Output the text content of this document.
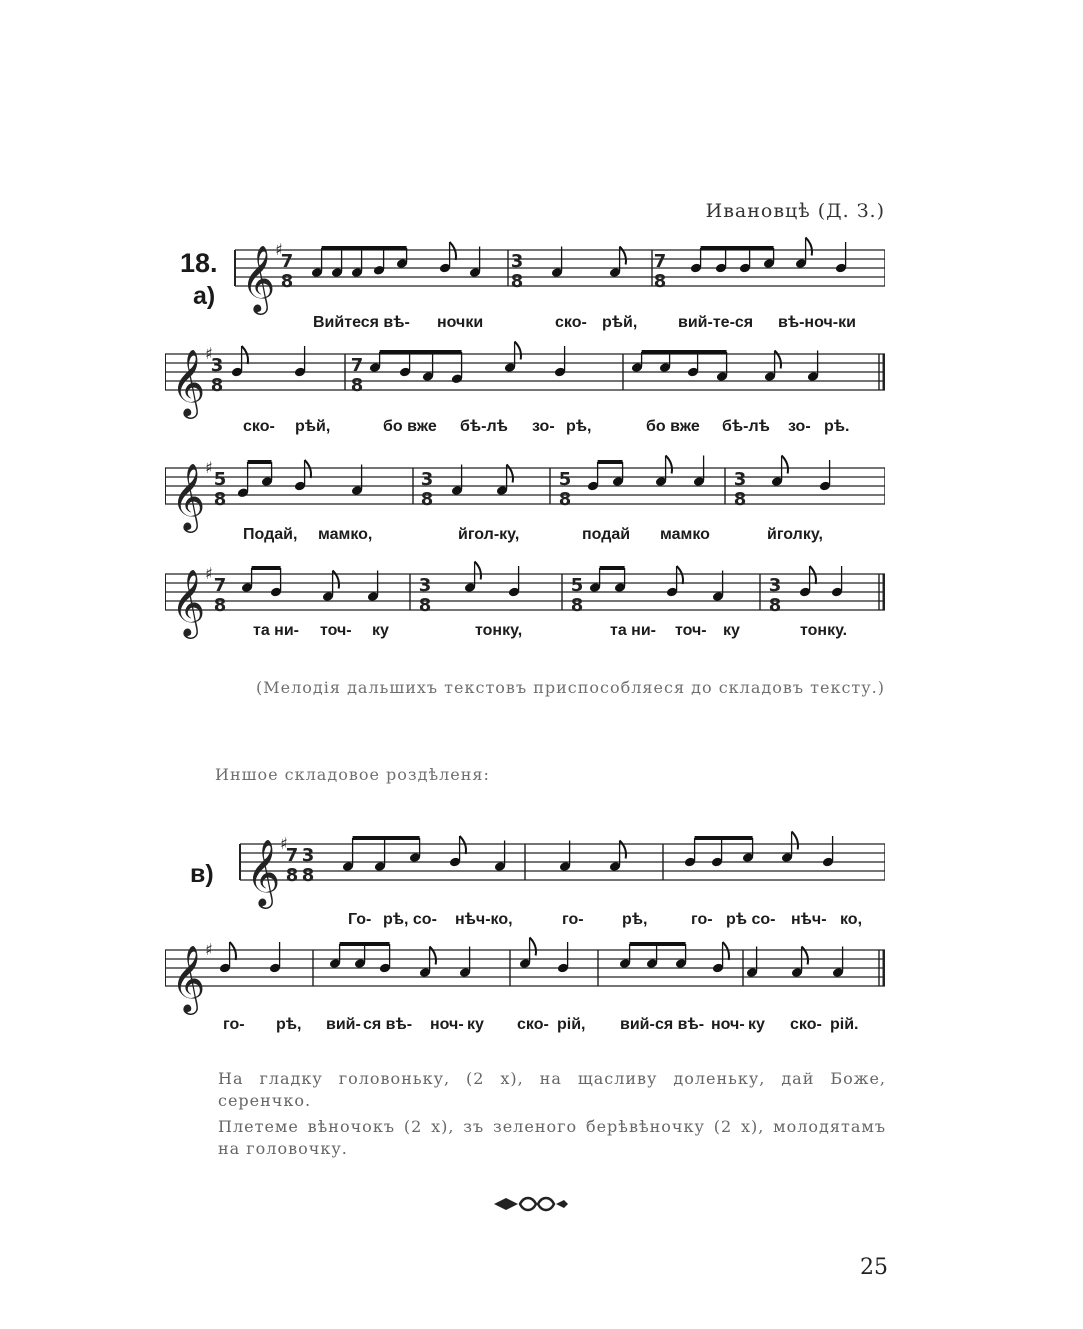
Ивановцѣ (Д. З.)
18.
а)
в)
𝄞 ♯
7
8
3
8
7
8
𝄞 ♯
3
8
7
8
𝄞 ♯
5
8
3
8
5
8
3
8
𝄞 ♯
7
8
3
8
5
8
3
8
𝄞 ♯
7
8
3
8
𝄞 ♯
Вийтеся вѣ- ночки	ско- рѣй,	вий-те-ся вѣ-ноч-ки
ско- рѣй,	бо вже бѣ-лѣ зо- рѣ,	бо вже бѣ-лѣ зо- рѣ.
Подай, мамко,	йгол-ку,	подай мамко	йголку,
та ни- точ- ку	тонку,	та ни- точ- ку	тонку.
(Мелодія дальшихъ текстовъ приспособляеся до складовъ тексту.)
Иншое складовое роздѣленя:
Го- рѣ, со- нѣч-ко,	го- рѣ,	го- рѣ со- нѣч- ко,
го- рѣ, вий- ся вѣ- ноч- ку ско- рій, вий- ся вѣ- ноч- ку ско- рій.
На гладку головоньку, (2 х), на щасливу доленьку, дай Боже, серенчко.
Плетеме вѣночокъ (2 х), зъ зеленого берѣвѣночку (2 х), молодятамъ на головочку.
25
